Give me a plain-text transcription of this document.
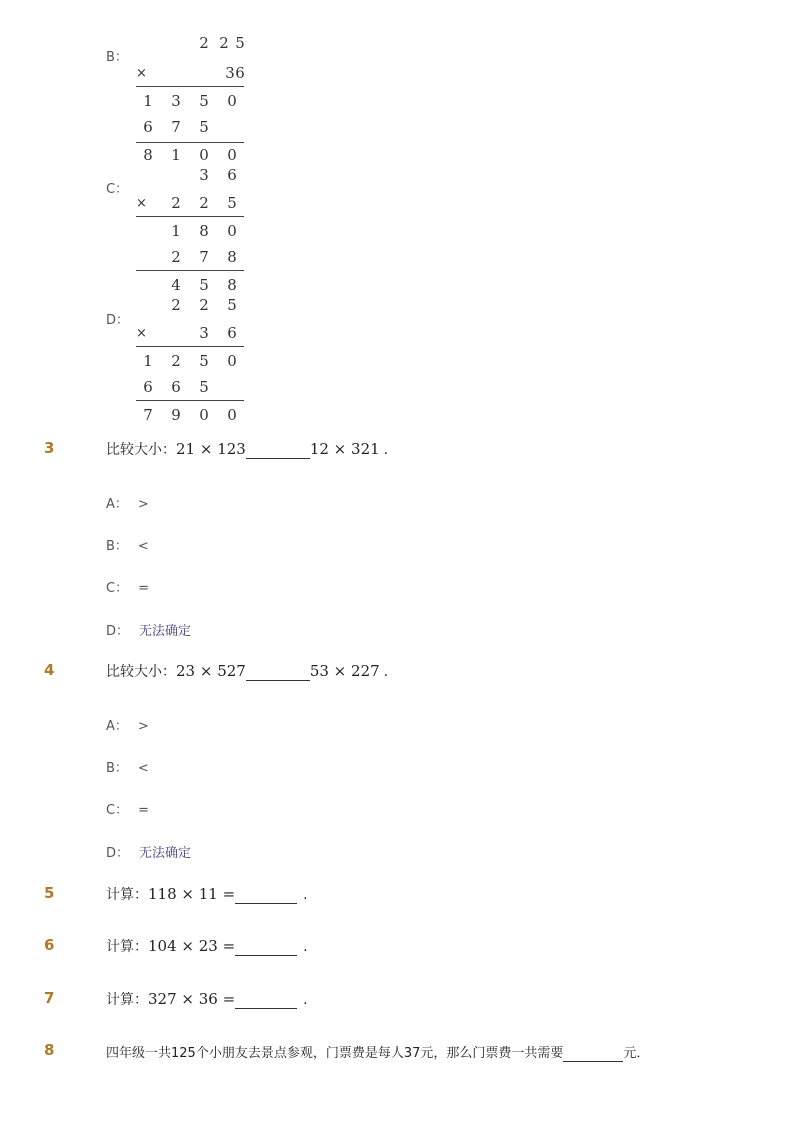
B：
2 2 5
×	3 6
1 3 5 0
6 7 5
8 1 0 0
C：
3 6
× 2 2 5
1 8 0
2 7 8
4 5 8
D：
2 2 5
×	3 6
1 2 5 0
6 6 5
7 9 0 0
3	比较大小：21 × 123	12 × 321 .
A： >
B： <
C： =
D： 无法确定
4	比较大小：23 × 527	53 × 227 .
A： >
B： <
C： =
D： 无法确定
5	计算：118 × 11 =	.
6	计算：104 × 23 =	.
7	计算：327 × 36 =	.
8	四年级一共125个小朋友去景点参观，门票费是每人37元，那么门票费一共需要	元．
